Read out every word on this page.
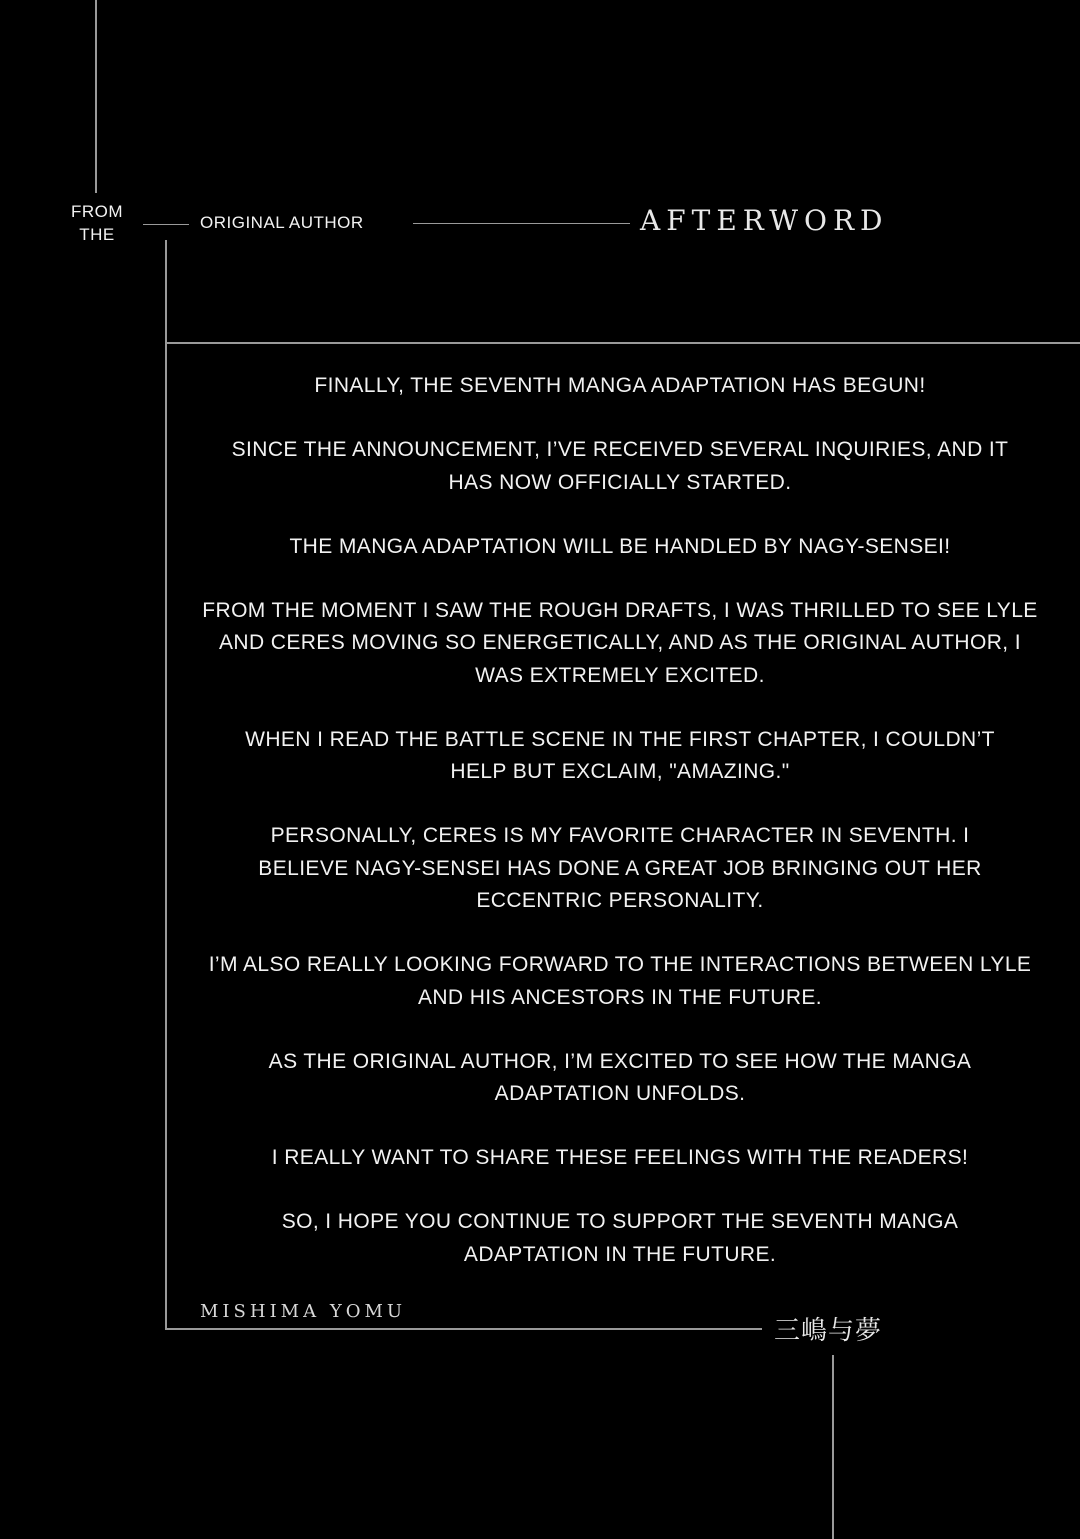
FROM THE
ORIGINAL AUTHOR	AFTERWORD

FINALLY, THE SEVENTH MANGA ADAPTATION HAS BEGUN!

SINCE THE ANNOUNCEMENT, I’VE RECEIVED SEVERAL INQUIRIES, AND IT HAS NOW OFFICIALLY STARTED.

THE MANGA ADAPTATION WILL BE HANDLED BY NAGY-SENSEI!

FROM THE MOMENT I SAW THE ROUGH DRAFTS, I WAS THRILLED TO SEE LYLE AND CERES MOVING SO ENERGETICALLY, AND AS THE ORIGINAL AUTHOR, I WAS EXTREMELY EXCITED.

WHEN I READ THE BATTLE SCENE IN THE FIRST CHAPTER, I COULDN’T HELP BUT EXCLAIM, "AMAZING."

PERSONALLY, CERES IS MY FAVORITE CHARACTER IN SEVENTH. I BELIEVE NAGY-SENSEI HAS DONE A GREAT JOB BRINGING OUT HER ECCENTRIC PERSONALITY.

I’M ALSO REALLY LOOKING FORWARD TO THE INTERACTIONS BETWEEN LYLE AND HIS ANCESTORS IN THE FUTURE.

AS THE ORIGINAL AUTHOR, I’M EXCITED TO SEE HOW THE MANGA ADAPTATION UNFOLDS.

I REALLY WANT TO SHARE THESE FEELINGS WITH THE READERS!

SO, I HOPE YOU CONTINUE TO SUPPORT THE SEVENTH MANGA ADAPTATION IN THE FUTURE.

MISHIMA YOMU
三嶋与夢
